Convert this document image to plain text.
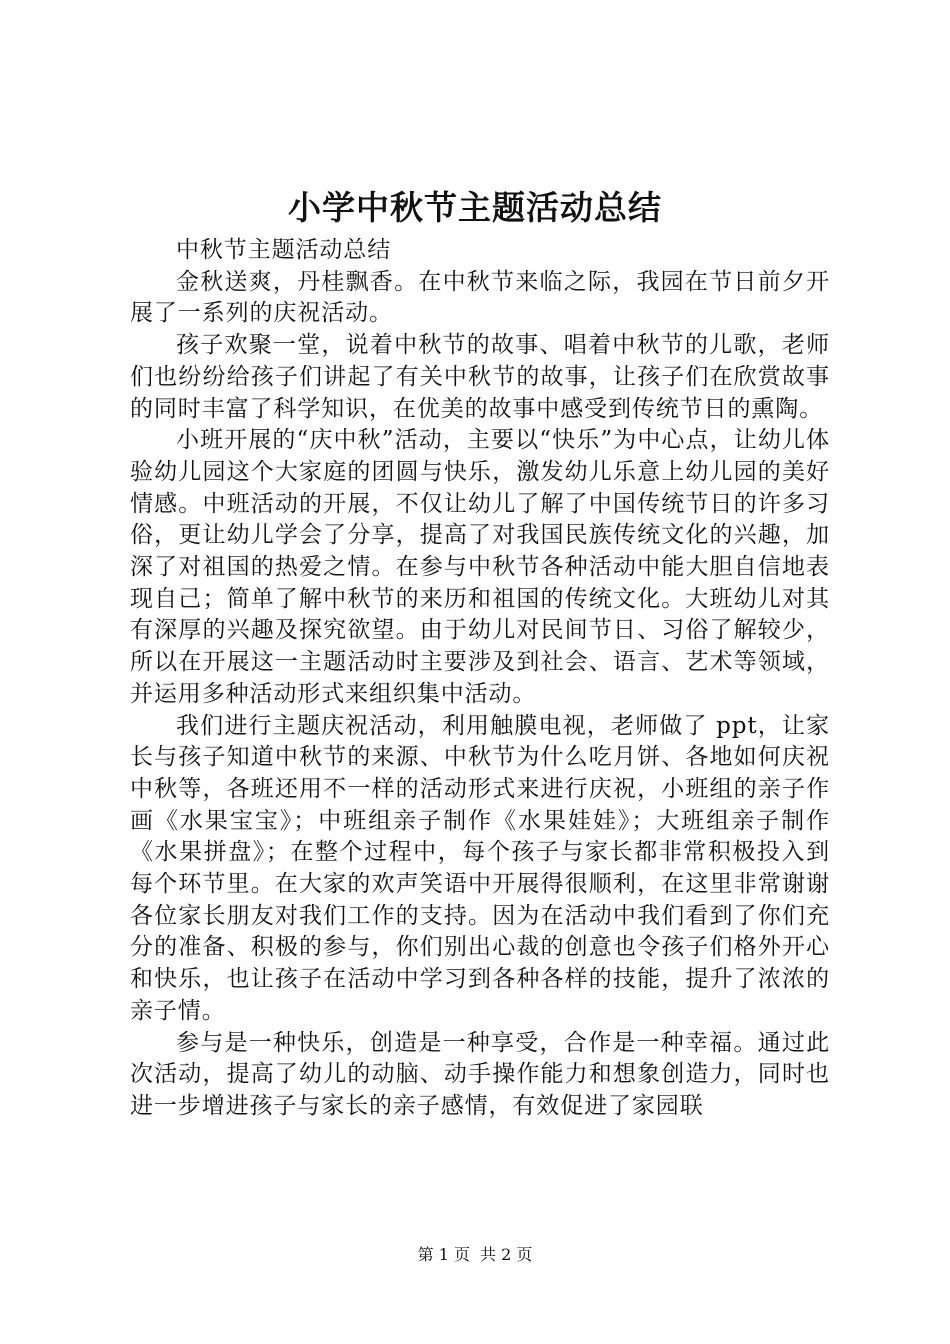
小学中秋节主题活动总结

中秋节主题活动总结

金秋送爽，丹桂飘香。在中秋节来临之际，我园在节日前夕开展了一系列的庆祝活动。

孩子欢聚一堂，说着中秋节的故事、唱着中秋节的儿歌，老师们也纷纷给孩子们讲起了有关中秋节的故事，让孩子们在欣赏故事的同时丰富了科学知识，在优美的故事中感受到传统节日的熏陶。

小班开展的“庆中秋”活动，主要以“快乐”为中心点，让幼儿体验幼儿园这个大家庭的团圆与快乐，激发幼儿乐意上幼儿园的美好情感。中班活动的开展，不仅让幼儿了解了中国传统节日的许多习俗，更让幼儿学会了分享，提高了对我国民族传统文化的兴趣，加深了对祖国的热爱之情。在参与中秋节各种活动中能大胆自信地表现自己；简单了解中秋节的来历和祖国的传统文化。大班幼儿对其有深厚的兴趣及探究欲望。由于幼儿对民间节日、习俗了解较少，所以在开展这一主题活动时主要涉及到社会、语言、艺术等领域，并运用多种活动形式来组织集中活动。

我们进行主题庆祝活动，利用触膜电视，老师做了 ppt，让家长与孩子知道中秋节的来源、中秋节为什么吃月饼、各地如何庆祝中秋等，各班还用不一样的活动形式来进行庆祝，小班组的亲子作画《水果宝宝》；中班组亲子制作《水果娃娃》；大班组亲子制作《水果拼盘》；在整个过程中，每个孩子与家长都非常积极投入到每个环节里。在大家的欢声笑语中开展得很顺利，在这里非常谢谢各位家长朋友对我们工作的支持。因为在活动中我们看到了你们充分的准备、积极的参与，你们别出心裁的创意也令孩子们格外开心和快乐，也让孩子在活动中学习到各种各样的技能，提升了浓浓的亲子情。

参与是一种快乐，创造是一种享受，合作是一种幸福。通过此次活动，提高了幼儿的动脑、动手操作能力和想象创造力，同时也进一步增进孩子与家长的亲子感情，有效促进了家园联

第 1 页 共 2 页
